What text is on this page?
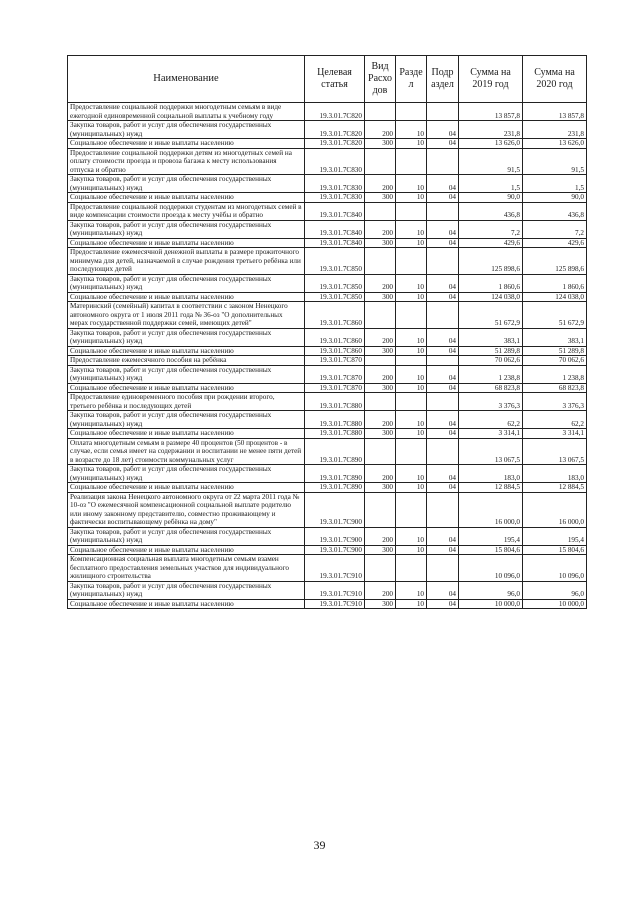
Наименование	Целевая статья	Вид Расхо дов	Разде л	Подр аздел	Сумма на 2019 год	Сумма на 2020 год
Предоставление социальной поддержки многодетным семьям в виде ежегодной единовременной социальной выплаты к учебному году	19.3.01.7С820				13 857,8	13 857,8
Закупка товаров, работ и услуг для обеспечения государственных (муниципальных) нужд	19.3.01.7С820	200	10	04	231,8	231,8
Социальное обеспечение и иные выплаты населению	19.3.01.7С820	300	10	04	13 626,0	13 626,0
Предоставление социальной поддержки детям из многодетных семей на оплату стоимости проезда и провоза багажа к месту использования отпуска и обратно	19.3.01.7С830				91,5	91,5
Закупка товаров, работ и услуг для обеспечения государственных (муниципальных) нужд	19.3.01.7С830	200	10	04	1,5	1,5
Социальное обеспечение и иные выплаты населению	19.3.01.7С830	300	10	04	90,0	90,0
Предоставление социальной поддержки студентам из многодетных семей в виде компенсации стоимости проезда к месту учёбы и обратно	19.3.01.7С840				436,8	436,8
Закупка товаров, работ и услуг для обеспечения государственных (муниципальных) нужд	19.3.01.7С840	200	10	04	7,2	7,2
Социальное обеспечение и иные выплаты населению	19.3.01.7С840	300	10	04	429,6	429,6
Предоставление ежемесячной денежной выплаты в размере прожиточного минимума для детей, назначаемой в случае рождения третьего ребёнка или последующих детей	19.3.01.7С850				125 898,6	125 898,6
Закупка товаров, работ и услуг для обеспечения государственных (муниципальных) нужд	19.3.01.7С850	200	10	04	1 860,6	1 860,6
Социальное обеспечение и иные выплаты населению	19.3.01.7С850	300	10	04	124 038,0	124 038,0
Материнский (семейный) капитал в соответствии с законом Ненецкого автономного округа от 1 июля 2011 года № 36-оз "О дополнительных мерах государственной поддержки семей, имеющих детей"	19.3.01.7С860				51 672,9	51 672,9
Закупка товаров, работ и услуг для обеспечения государственных (муниципальных) нужд	19.3.01.7С860	200	10	04	383,1	383,1
Социальное обеспечение и иные выплаты населению	19.3.01.7С860	300	10	04	51 289,8	51 289,8
Предоставление ежемесячного пособия на ребёнка	19.3.01.7С870				70 062,6	70 062,6
Закупка товаров, работ и услуг для обеспечения государственных (муниципальных) нужд	19.3.01.7С870	200	10	04	1 238,8	1 238,8
Социальное обеспечение и иные выплаты населению	19.3.01.7С870	300	10	04	68 823,8	68 823,8
Предоставление единовременного пособия при рождении второго, третьего ребёнка и последующих детей	19.3.01.7С880				3 376,3	3 376,3
Закупка товаров, работ и услуг для обеспечения государственных (муниципальных) нужд	19.3.01.7С880	200	10	04	62,2	62,2
Социальное обеспечение и иные выплаты населению	19.3.01.7С880	300	10	04	3 314,1	3 314,1
Оплата многодетным семьям в размере 40 процентов (50 процентов - в случае, если семья имеет на содержании и воспитании не менее пяти детей в возрасте до 18 лет) стоимости коммунальных услуг	19.3.01.7С890				13 067,5	13 067,5
Закупка товаров, работ и услуг для обеспечения государственных (муниципальных) нужд	19.3.01.7С890	200	10	04	183,0	183,0
Социальное обеспечение и иные выплаты населению	19.3.01.7С890	300	10	04	12 884,5	12 884,5
Реализация закона Ненецкого автономного округа от 22 марта 2011 года № 10-оз "О ежемесячной компенсационной социальной выплате родителю или иному законному представителю, совместно проживающему и фактически воспитывающему ребёнка на дому"	19.3.01.7С900				16 000,0	16 000,0
Закупка товаров, работ и услуг для обеспечения государственных (муниципальных) нужд	19.3.01.7С900	200	10	04	195,4	195,4
Социальное обеспечение и иные выплаты населению	19.3.01.7С900	300	10	04	15 804,6	15 804,6
Компенсационная социальная выплата многодетным семьям взамен бесплатного предоставления земельных участков для индивидуального жилищного строительства	19.3.01.7С910				10 096,0	10 096,0
Закупка товаров, работ и услуг для обеспечения государственных (муниципальных) нужд	19.3.01.7С910	200	10	04	96,0	96,0
Социальное обеспечение и иные выплаты населению	19.3.01.7С910	300	10	04	10 000,0	10 000,0
39
